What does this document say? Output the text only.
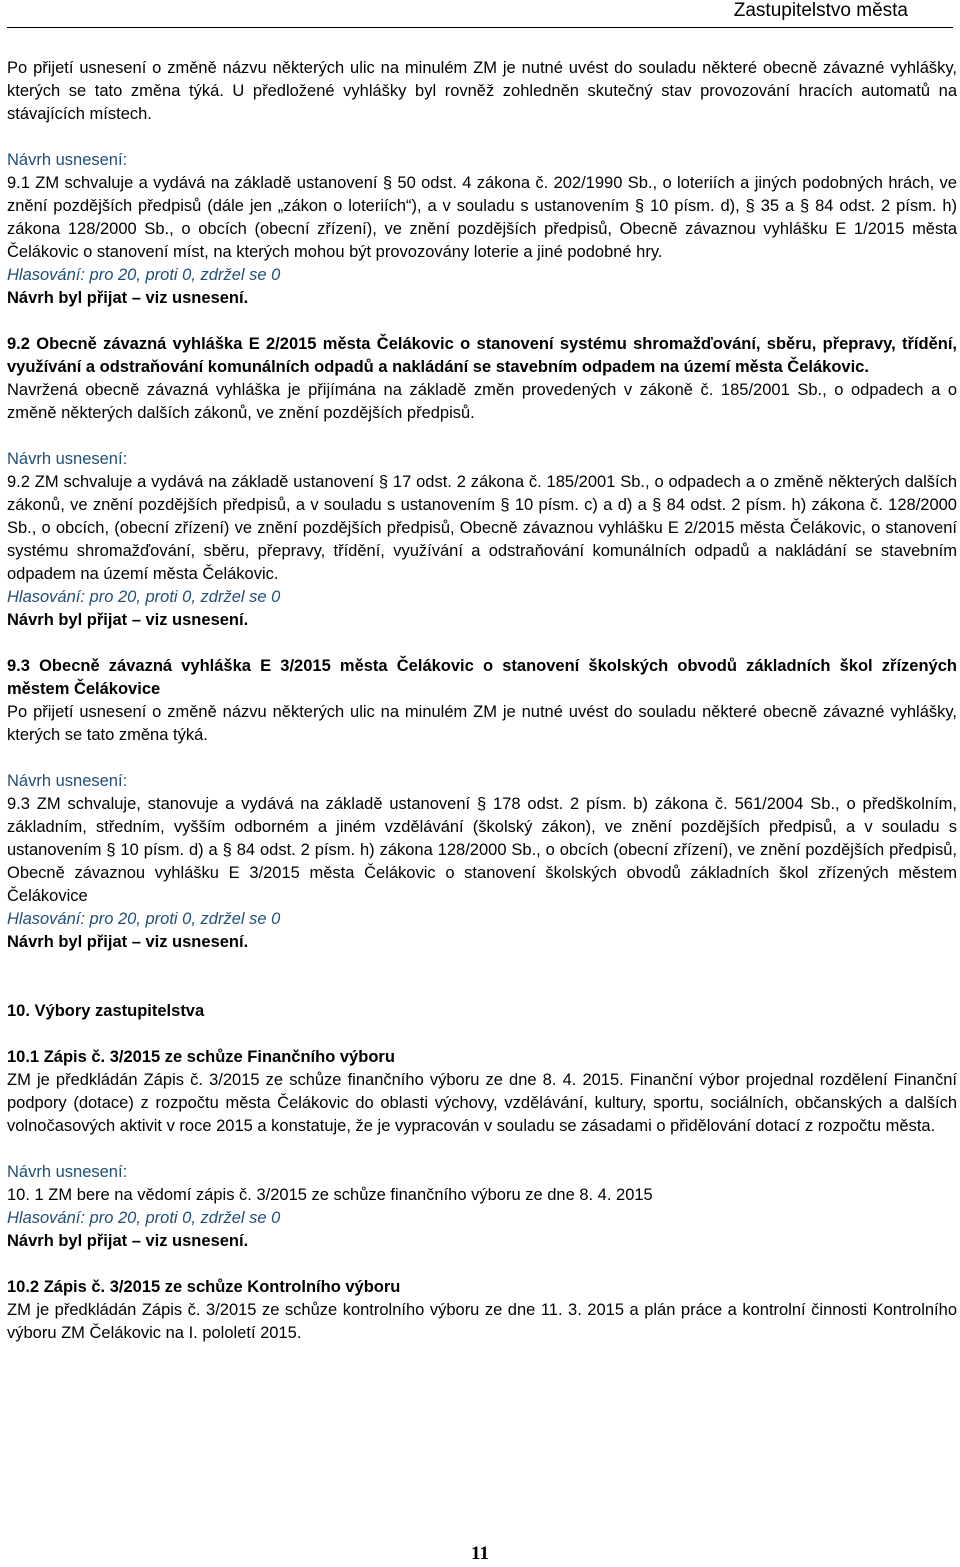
Zastupitelstvo města
Po přijetí usnesení o změně názvu některých ulic na minulém ZM je nutné uvést do souladu některé obecně závazné vyhlášky, kterých se tato změna týká. U předložené vyhlášky byl rovněž zohledněn skutečný stav provozování hracích automatů na stávajících místech.
Návrh usnesení:
9.1 ZM schvaluje a vydává na základě ustanovení § 50 odst. 4 zákona č. 202/1990 Sb., o loteriích a jiných podobných hrách, ve znění pozdějších předpisů (dále jen „zákon o loteriích“), a v souladu s ustanovením § 10 písm. d), § 35 a § 84 odst. 2 písm. h) zákona 128/2000 Sb., o obcích (obecní zřízení), ve znění pozdějších předpisů, Obecně závaznou vyhlášku E 1/2015 města Čelákovic o stanovení míst, na kterých mohou být provozovány loterie a jiné podobné hry.
Hlasování: pro 20, proti 0, zdržel se 0
Návrh byl přijat – viz usnesení.
9.2 Obecně závazná vyhláška E 2/2015 města Čelákovic o stanovení systému shromažďování, sběru, přepravy, třídění, využívání a odstraňování komunálních odpadů a nakládání se stavebním odpadem na území města Čelákovic.
Navržená obecně závazná vyhláška je přijímána na základě změn provedených v zákoně č. 185/2001 Sb., o odpadech a o změně některých dalších zákonů, ve znění pozdějších předpisů.
Návrh usnesení:
9.2 ZM schvaluje a vydává na základě ustanovení § 17 odst. 2 zákona č. 185/2001 Sb., o odpadech a o změně některých dalších zákonů, ve znění pozdějších předpisů, a v souladu s ustanovením § 10 písm. c) a d) a § 84 odst. 2 písm. h) zákona č. 128/2000 Sb., o obcích, (obecní zřízení) ve znění pozdějších předpisů, Obecně závaznou vyhlášku E 2/2015 města Čelákovic, o stanovení systému shromažďování, sběru, přepravy, třídění, využívání a odstraňování komunálních odpadů a nakládání se stavebním odpadem na území města Čelákovic.
Hlasování: pro 20, proti 0, zdržel se 0
Návrh byl přijat – viz usnesení.
9.3 Obecně závazná vyhláška E 3/2015 města Čelákovic o stanovení školských obvodů základních škol zřízených městem Čelákovice
Po přijetí usnesení o změně názvu některých ulic na minulém ZM je nutné uvést do souladu některé obecně závazné vyhlášky, kterých se tato změna týká.
Návrh usnesení:
9.3 ZM schvaluje, stanovuje a vydává na základě ustanovení § 178 odst. 2 písm. b) zákona č. 561/2004 Sb., o předškolním, základním, středním, vyšším odborném a jiném vzdělávání (školský zákon), ve znění pozdějších předpisů, a v souladu s ustanovením § 10 písm. d) a § 84 odst. 2 písm. h) zákona 128/2000 Sb., o obcích (obecní zřízení), ve znění pozdějších předpisů, Obecně závaznou vyhlášku E 3/2015 města Čelákovic o stanovení školských obvodů základních škol zřízených městem Čelákovice
Hlasování: pro 20, proti 0, zdržel se 0
Návrh byl přijat – viz usnesení.
10. Výbory zastupitelstva
10.1 Zápis č. 3/2015 ze schůze Finančního výboru
ZM je předkládán Zápis č. 3/2015 ze schůze finančního výboru ze dne 8. 4. 2015. Finanční výbor projednal rozdělení Finanční podpory (dotace) z rozpočtu města Čelákovic do oblasti výchovy, vzdělávání, kultury, sportu, sociálních, občanských a dalších volnočasových aktivit v roce 2015 a konstatuje, že je vypracován v souladu se zásadami o přidělování dotací z rozpočtu města.
Návrh usnesení:
10. 1 ZM bere na vědomí zápis č. 3/2015 ze schůze finančního výboru ze dne 8. 4. 2015
Hlasování: pro 20, proti 0, zdržel se 0
Návrh byl přijat – viz usnesení.
10.2 Zápis č. 3/2015 ze schůze Kontrolního výboru
ZM je předkládán Zápis č. 3/2015 ze schůze kontrolního výboru ze dne 11. 3. 2015 a plán práce a kontrolní činnosti Kontrolního výboru ZM Čelákovic na I. pololetí 2015.
11
